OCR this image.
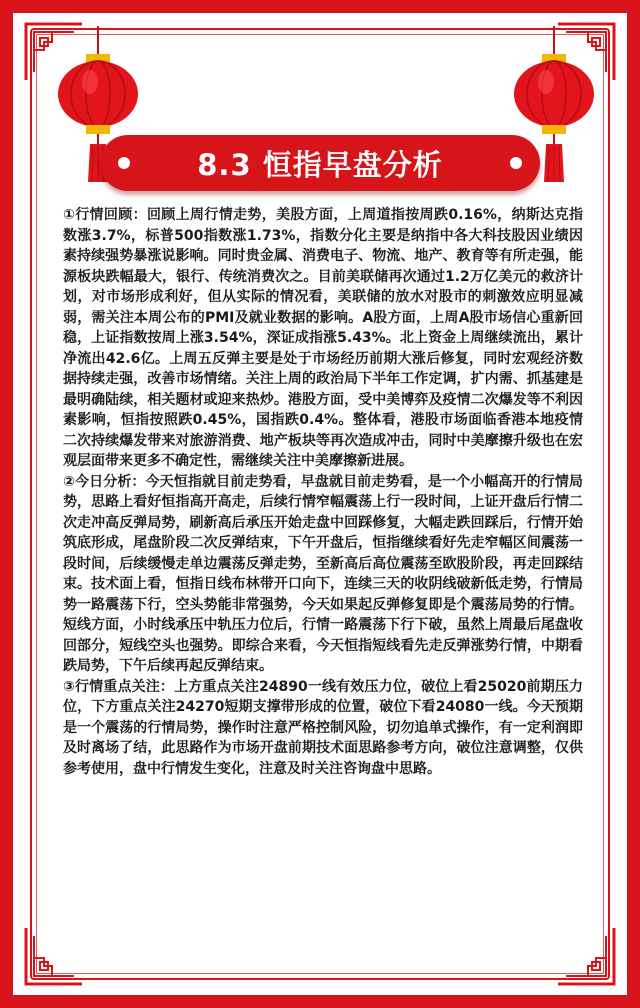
8.3 恒指早盘分析

①行情回顾：回顾上周行情走势，美股方面，上周道指按周跌0.16%，纳斯达克指数涨3.7%，标普500指数涨1.73%，指数分化主要是纳指中各大科技股因业绩因素持续强势暴涨说影响。同时贵金属、消费电子、物流、地产、教育等有所走强，能源板块跌幅最大，银行、传统消费次之。目前美联储再次通过1.2万亿美元的救济计划，对市场形成利好，但从实际的情况看，美联储的放水对股市的刺激效应明显减弱，需关注本周公布的PMI及就业数据的影响。A股方面，上周A股市场信心重新回稳，上证指数按周上涨3.54%，深证成指涨5.43%。北上资金上周继续流出，累计净流出42.6亿。上周五反弹主要是处于市场经历前期大涨后修复，同时宏观经济数据持续走强，改善市场情绪。关注上周的政治局下半年工作定调，扩内需、抓基建是最明确陆续，相关题材或迎来热炒。港股方面，受中美博弈及疫情二次爆发等不利因素影响，恒指按照跌0.45%，国指跌0.4%。整体看，港股市场面临香港本地疫情二次持续爆发带来对旅游消费、地产板块等再次造成冲击，同时中美摩擦升级也在宏观层面带来更多不确定性，需继续关注中美摩擦新进展。

②今日分析：今天恒指就目前走势看，早盘就目前走势看，是一个小幅高开的行情局势，思路上看好恒指高开高走，后续行情窄幅震荡上行一段时间，上证开盘后行情二次走冲高反弹局势，刷新高后承压开始走盘中回踩修复，大幅走跌回踩后，行情开始筑底形成，尾盘阶段二次反弹结束，下午开盘后，恒指继续看好先走窄幅区间震荡一段时间，后续缓慢走单边震荡反弹走势，至新高后高位震荡至欧股阶段，再走回踩结束。技术面上看，恒指日线布林带开口向下，连续三天的收阴线破新低走势，行情局势一路震荡下行，空头势能非常强势，今天如果起反弹修复即是个震荡局势的行情。短线方面，小时线承压中轨压力位后，行情一路震荡下行下破，虽然上周最后尾盘收回部分，短线空头也强势。即综合来看，今天恒指短线看先走反弹涨势行情，中期看跌局势，下午后续再起反弹结束。

③行情重点关注：上方重点关注24890一线有效压力位，破位上看25020前期压力位，下方重点关注24270短期支撑带形成的位置，破位下看24080一线。今天预期是一个震荡的行情局势，操作时注意严格控制风险，切勿追单式操作，有一定利润即及时离场了结，此思路作为市场开盘前期技术面思路参考方向，破位注意调整，仅供参考使用，盘中行情发生变化，注意及时关注咨询盘中思路。
